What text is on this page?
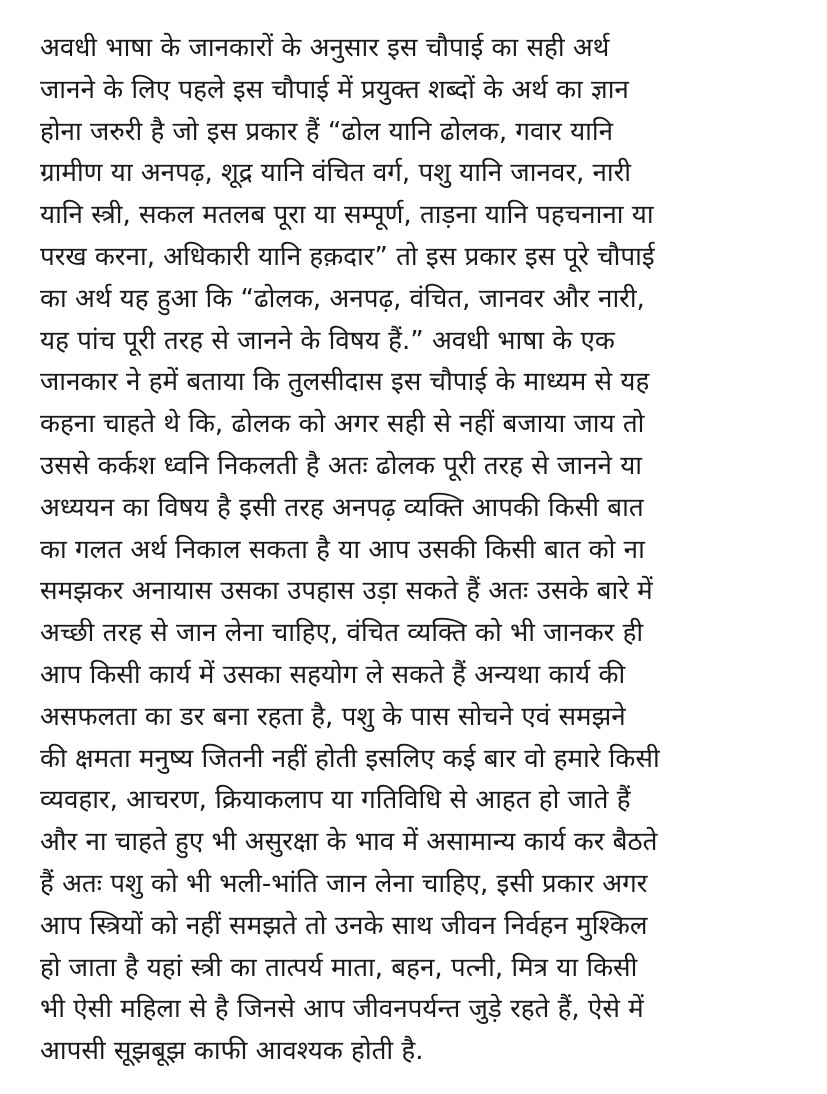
अवधी भाषा के जानकारों के अनुसार इस चौपाई का सही अर्थ
जानने के लिए पहले इस चौपाई में प्रयुक्त शब्दों के अर्थ का ज्ञान
होना जरुरी है जो इस प्रकार हैं “ढोल यानि ढोलक, गवार यानि
ग्रामीण या अनपढ़, शूद्र यानि वंचित वर्ग, पशु यानि जानवर, नारी
यानि स्त्री, सकल मतलब पूरा या सम्पूर्ण, ताड़ना यानि पहचनाना या
परख करना, अधिकारी यानि हक़दार” तो इस प्रकार इस पूरे चौपाई
का अर्थ यह हुआ कि “ढोलक, अनपढ़, वंचित, जानवर और नारी,
यह पांच पूरी तरह से जानने के विषय हैं.” अवधी भाषा के एक
जानकार ने हमें बताया कि तुलसीदास इस चौपाई के माध्यम से यह
कहना चाहते थे कि, ढोलक को अगर सही से नहीं बजाया जाय तो
उससे कर्कश ध्वनि निकलती है अतः ढोलक पूरी तरह से जानने या
अध्ययन का विषय है इसी तरह अनपढ़ व्यक्ति आपकी किसी बात
का गलत अर्थ निकाल सकता है या आप उसकी किसी बात को ना
समझकर अनायास उसका उपहास उड़ा सकते हैं अतः उसके बारे में
अच्छी तरह से जान लेना चाहिए, वंचित व्यक्ति को भी जानकर ही
आप किसी कार्य में उसका सहयोग ले सकते हैं अन्यथा कार्य की
असफलता का डर बना रहता है, पशु के पास सोचने एवं समझने
की क्षमता मनुष्य जितनी नहीं होती इसलिए कई बार वो हमारे किसी
व्यवहार, आचरण, क्रियाकलाप या गतिविधि से आहत हो जाते हैं
और ना चाहते हुए भी असुरक्षा के भाव में असामान्य कार्य कर बैठते
हैं अतः पशु को भी भली-भांति जान लेना चाहिए, इसी प्रकार अगर
आप स्त्रियों को नहीं समझते तो उनके साथ जीवन निर्वहन मुश्किल
हो जाता है यहां स्त्री का तात्पर्य माता, बहन, पत्नी, मित्र या किसी
भी ऐसी महिला से है जिनसे आप जीवनपर्यन्त जुड़े रहते हैं, ऐसे में
आपसी सूझबूझ काफी आवश्यक होती है.
